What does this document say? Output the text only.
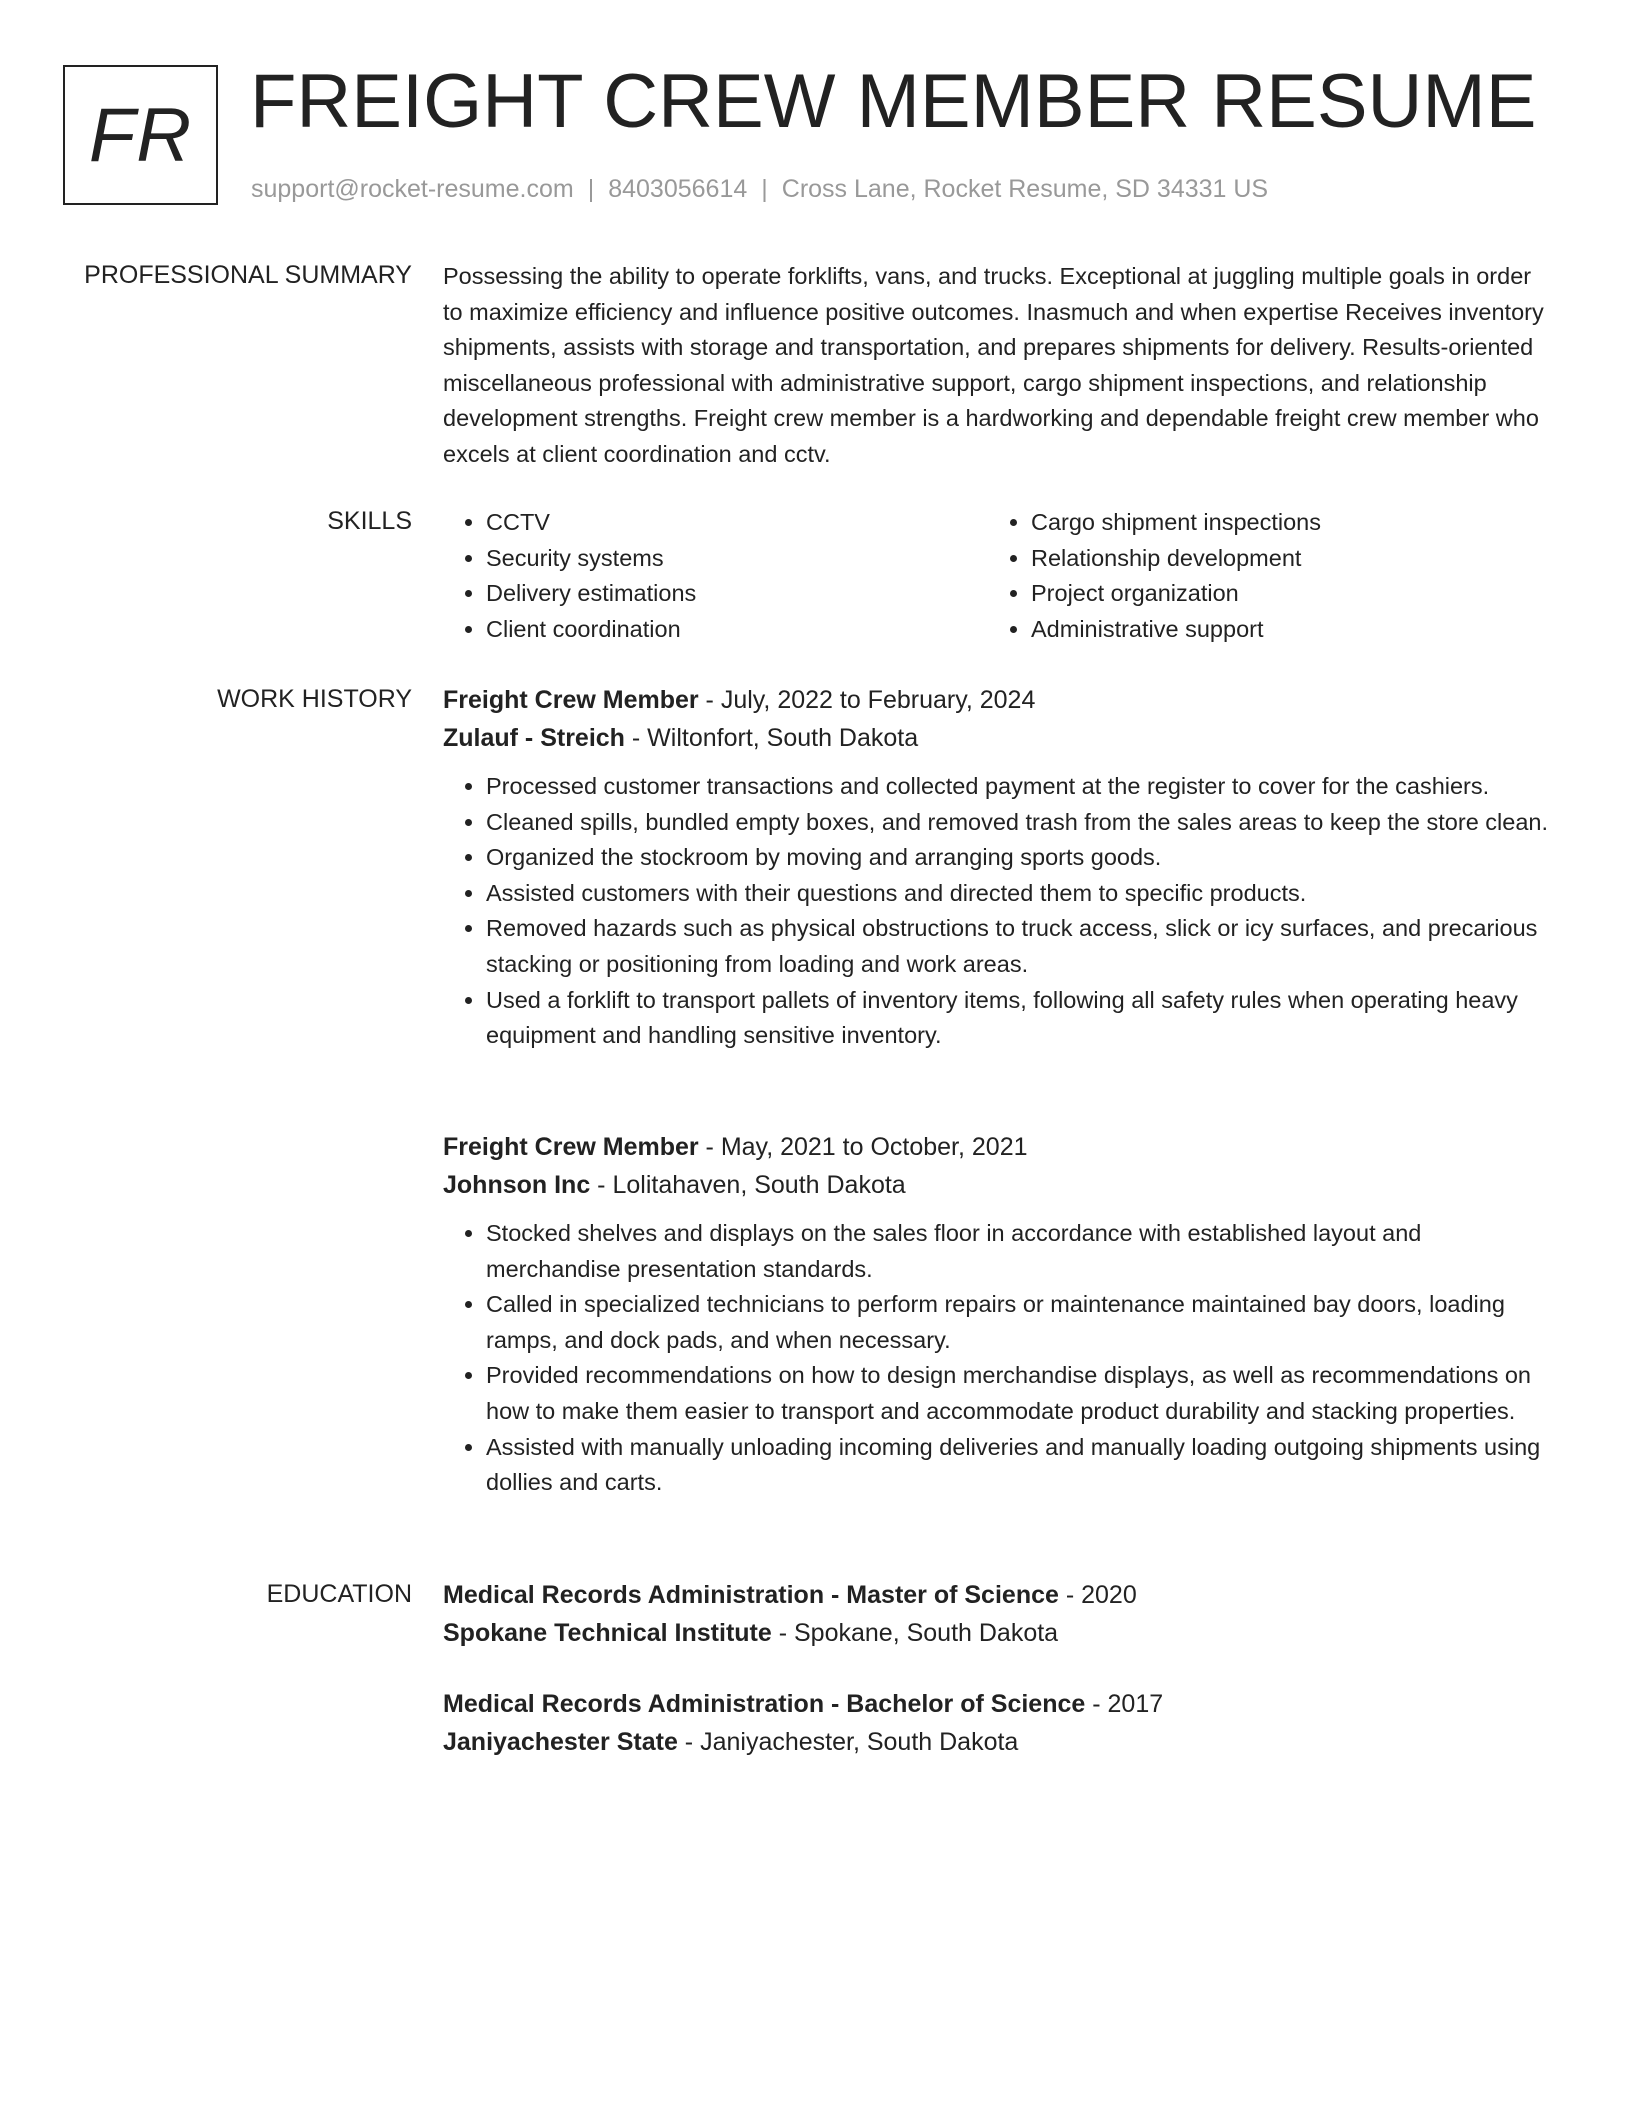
FR FREIGHT CREW MEMBER RESUME
support@rocket-resume.com | 8403056614 | Cross Lane, Rocket Resume, SD 34331 US
PROFESSIONAL SUMMARY Possessing the ability to operate forklifts, vans, and trucks. Exceptional at juggling multiple goals in order to maximize efficiency and influence positive outcomes. Inasmuch and when expertise Receives inventory shipments, assists with storage and transportation, and prepares shipments for delivery. Results-oriented miscellaneous professional with administrative support, cargo shipment inspections, and relationship development strengths. Freight crew member is a hardworking and dependable freight crew member who excels at client coordination and cctv.

SKILLS
•	CCTV
• Security systems
• Delivery estimations
• Client coordination
• Cargo shipment inspections
• Relationship development
• Project organization
• Administrative support
WORK HISTORY Freight Crew Member - July, 2022 to February, 2024
Zulauf - Streich - Wiltonfort, South Dakota
• Processed customer transactions and collected payment at the register to cover for the cashiers.
• Cleaned spills, bundled empty boxes, and removed trash from the sales areas to keep the store clean.
• Organized the stockroom by moving and arranging sports goods.
• Assisted customers with their questions and directed them to specific products.
• Removed hazards such as physical obstructions to truck access, slick or icy surfaces, and precarious stacking or positioning from loading and work areas.
• Used a forklift to transport pallets of inventory items, following all safety rules when operating heavy equipment and handling sensitive inventory.
Freight Crew Member - May, 2021 to October, 2021
Johnson Inc - Lolitahaven, South Dakota
• Stocked shelves and displays on the sales floor in accordance with established layout and merchandise presentation standards.
• Called in specialized technicians to perform repairs or maintenance maintained bay doors, loading ramps, and dock pads, and when necessary.
• Provided recommendations on how to design merchandise displays, as well as recommendations on how to make them easier to transport and accommodate product durability and stacking properties.
• Assisted with manually unloading incoming deliveries and manually loading outgoing shipments using dollies and carts.
EDUCATION Medical Records Administration - Master of Science - 2020
Spokane Technical Institute - Spokane, South Dakota
Medical Records Administration - Bachelor of Science - 2017
Janiyachester State - Janiyachester, South Dakota
